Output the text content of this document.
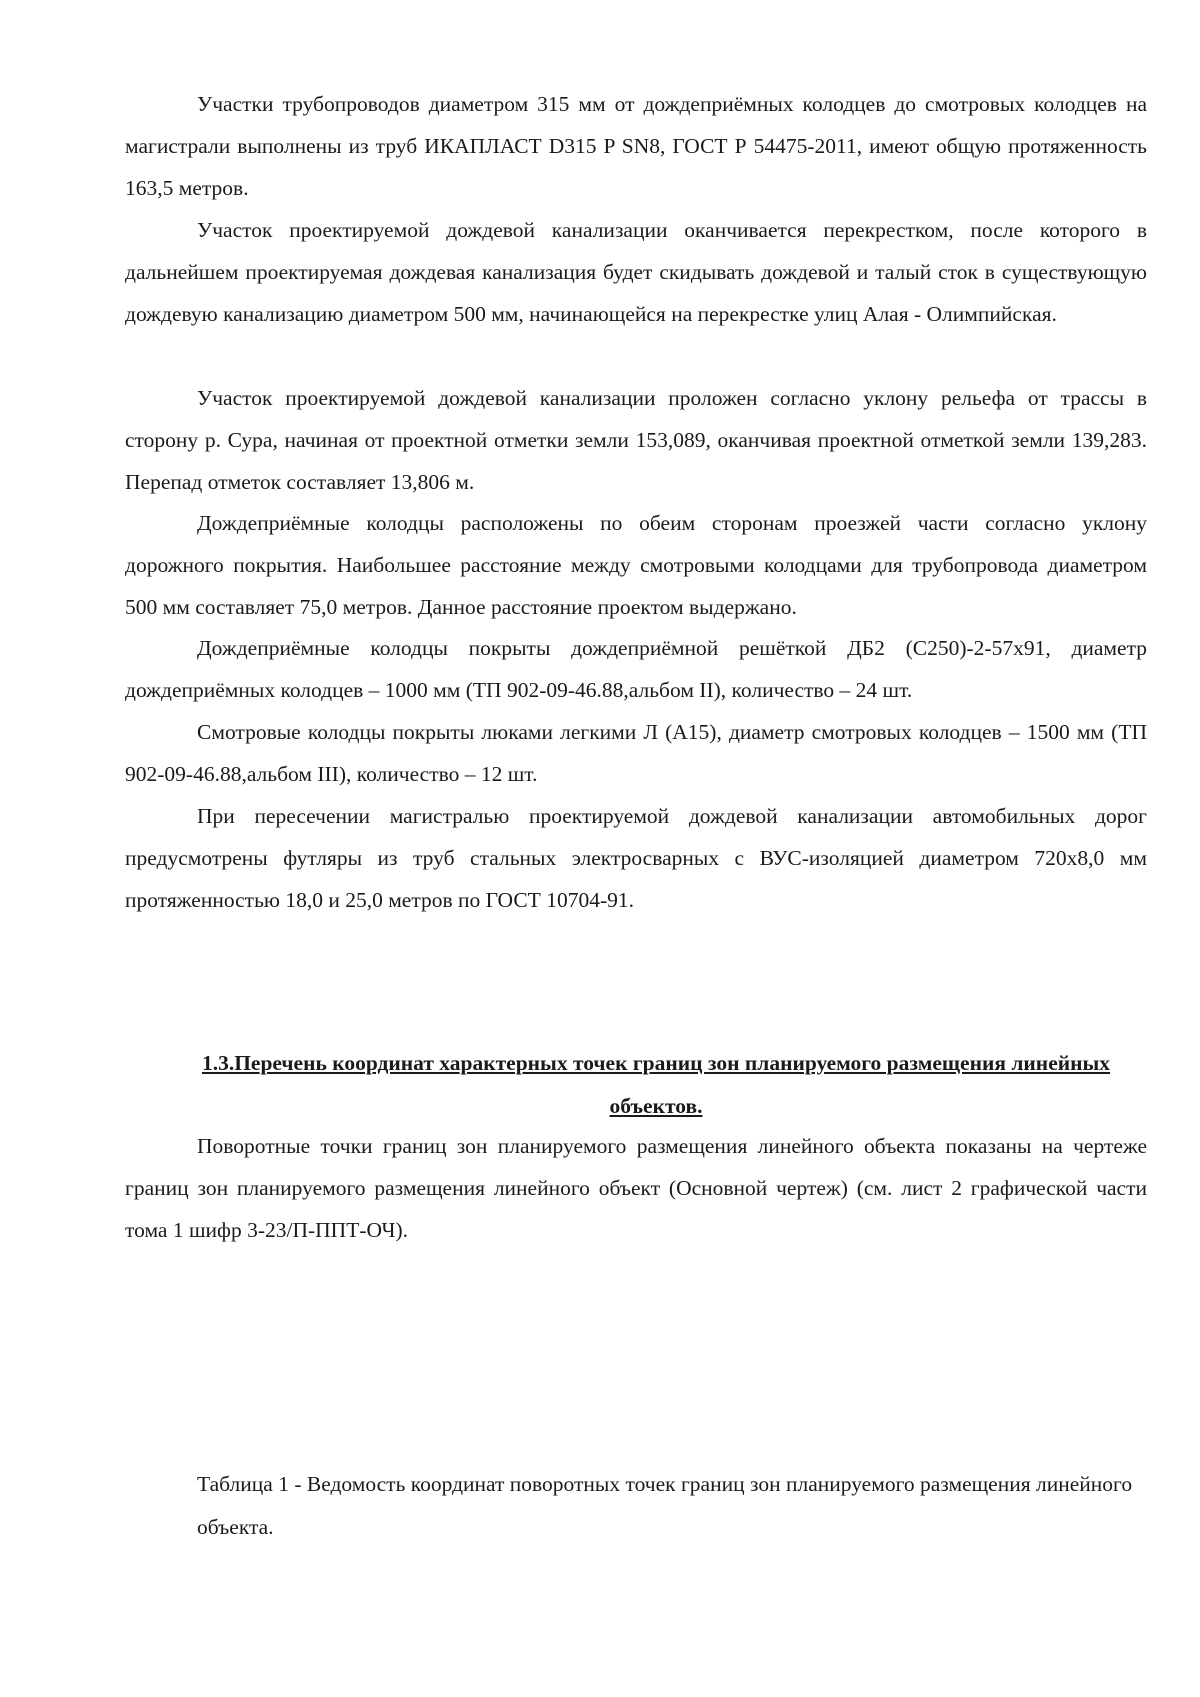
Участки трубопроводов диаметром 315 мм от дождеприёмных колодцев до смотровых колодцев на магистрали выполнены из труб ИКАПЛАСТ D315 P SN8, ГОСТ Р 54475-2011, имеют общую протяженность 163,5 метров.

Участок проектируемой дождевой канализации оканчивается перекрестком, после которого в дальнейшем проектируемая дождевая канализация будет скидывать дождевой и талый сток в существующую дождевую канализацию диаметром 500 мм, начинающейся на перекрестке улиц Алая - Олимпийская.

Участок проектируемой дождевой канализации проложен согласно уклону рельефа от трассы в сторону р. Сура, начиная от проектной отметки земли 153,089, оканчивая проектной отметкой земли 139,283. Перепад отметок составляет 13,806 м.

Дождеприёмные колодцы расположены по обеим сторонам проезжей части согласно уклону дорожного покрытия. Наибольшее расстояние между смотровыми колодцами для трубопровода диаметром 500 мм составляет 75,0 метров. Данное расстояние проектом выдержано.

Дождеприёмные колодцы покрыты дождеприёмной решёткой ДБ2 (С250)-2-57х91, диаметр дождеприёмных колодцев – 1000 мм (ТП 902-09-46.88,альбом II), количество – 24 шт.

Смотровые колодцы покрыты люками легкими Л (А15), диаметр смотровых колодцев – 1500 мм (ТП 902-09-46.88,альбом III), количество – 12 шт.

При пересечении магистралью проектируемой дождевой канализации автомобильных дорог предусмотрены футляры из труб стальных электросварных с ВУС-изоляцией диаметром 720х8,0 мм протяженностью 18,0 и 25,0 метров по ГОСТ 10704-91.

1.3.Перечень координат характерных точек границ зон планируемого размещения линейных объектов.

Поворотные точки границ зон планируемого размещения линейного объекта показаны на чертеже границ зон планируемого размещения линейного объект (Основной чертеж) (см. лист 2 графической части тома 1 шифр 3-23/П-ППТ-ОЧ).

Таблица 1 - Ведомость координат поворотных точек границ зон планируемого размещения линейного объекта.
